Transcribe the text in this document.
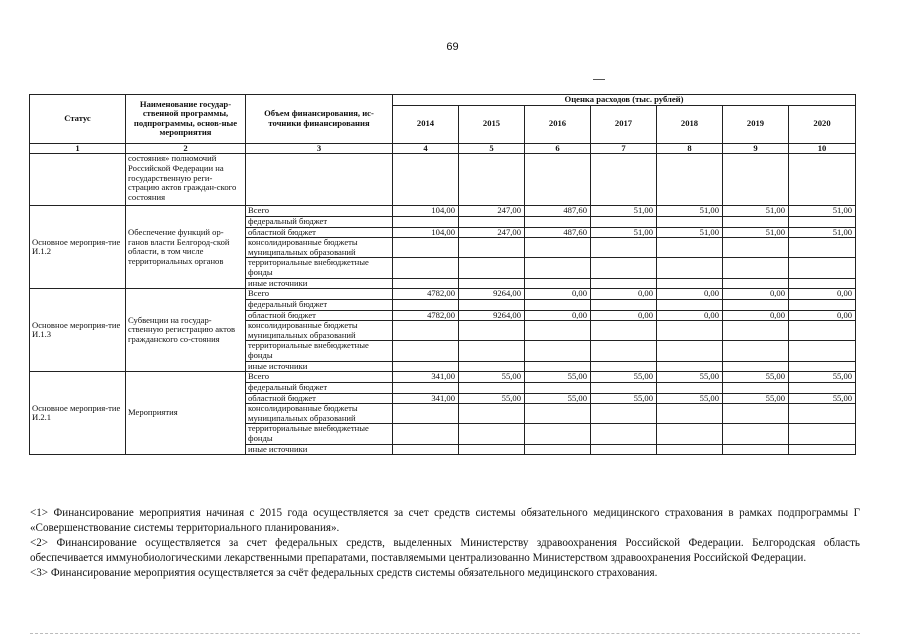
69
Статус	Наименование государ-ственной программы, подпрограммы, основ-ные мероприятия	Объем финансирования, ис-точники финансирования	Оценка расходов (тыс. рублей)						
			2014	2015	2016	2017	2018	2019	2020
1	2	3	4	5	6	7	8	9	10
	состояния» полномочий Российской Федерации на государственную реги-страцию актов граждан-ского состояния								
Основное мероприя-тие И.1.2	Обеспечение функций ор-ганов власти Белгород-ской области, в том числе территориальных органов	Всего	104,00	247,00	487,60	51,00	51,00	51,00	51,00
		федеральный бюджет							
		областной бюджет	104,00	247,00	487,60	51,00	51,00	51,00	51,00
		консолидированные бюджеты муниципальных образований							
		территориальные внебюджетные фонды							
		иные источники							
Основное мероприя-тие И.1.3	Субвенции на государ-ственную регистрацию актов гражданского со-стояния	Всего	4782,00	9264,00	0,00	0,00	0,00	0,00	0,00
		федеральный бюджет							
		областной бюджет	4782,00	9264,00	0,00	0,00	0,00	0,00	0,00
		консолидированные бюджеты муниципальных образований							
		территориальные внебюджетные фонды							
		иные источники							
Основное мероприя-тие И.2.1	Мероприятия	Всего	341,00	55,00	55,00	55,00	55,00	55,00	55,00
		федеральный бюджет							
		областной бюджет	341,00	55,00	55,00	55,00	55,00	55,00	55,00
		консолидированные бюджеты муниципальных образований							
		территориальные внебюджетные фонды							
		иные источники							

<1> Финансирование мероприятия начиная с 2015 года осуществляется за счет средств системы обязательного медицинского страхования в рамках подпрограммы Г «Совершенствование системы территориального планирования».

<2> Финансирование осуществляется за счет федеральных средств, выделенных Министерству здравоохранения Российской Федерации. Белгородская область обеспечивается иммунобиологическими лекарственными препаратами, поставляемыми централизованно Министерством здравоохранения Российской Федерации.

<3> Финансирование мероприятия осуществляется за счёт федеральных средств системы обязательного медицинского страхования.
